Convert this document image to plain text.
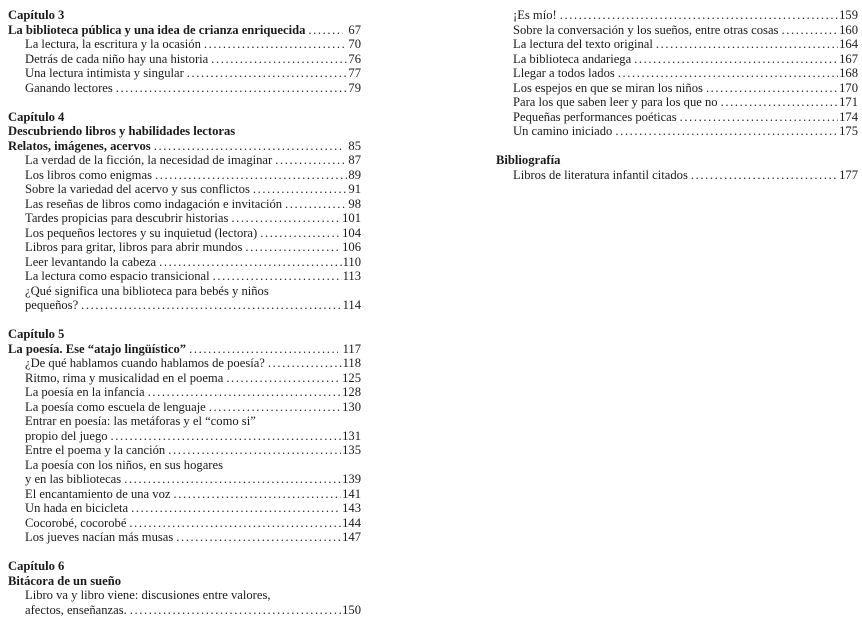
Capítulo 3
La biblioteca pública y una idea de crianza enriquecida .....	67
La lectura, la escritura y la ocasión .....	70
Detrás de cada niño hay una historia .....	76
Una lectura intimista y singular .....	77
Ganando lectores .....	79
Capítulo 4
Descubriendo libros y habilidades lectoras
Relatos, imágenes, acervos .....	85
La verdad de la ficción, la necesidad de imaginar .....	87
Los libros como enigmas .....	89
Sobre la variedad del acervo y sus conflictos .....	91
Las reseñas de libros como indagación e invitación .....	98
Tardes propicias para descubrir historias .....	101
Los pequeños lectores y su inquietud (lectora) .....	104
Libros para gritar, libros para abrir mundos .....	106
Leer levantando la cabeza .....	110
La lectura como espacio transicional .....	113
¿Qué significa una biblioteca para bebés y niños
pequeños? .....	114
Capítulo 5
La poesía. Ese “atajo lingüístico” .....	117
¿De qué hablamos cuando hablamos de poesía? .....	118
Ritmo, rima y musicalidad en el poema .....	125
La poesía en la infancia .....	128
La poesía como escuela de lenguaje .....	130
Entrar en poesía: las metáforas y el “como si”
propio del juego .....	131
Entre el poema y la canción .....	135
La poesía con los niños, en sus hogares
y en las bibliotecas .....	139
El encantamiento de una voz .....	141
Un hada en bicicleta .....	143
Cocorobé, cocorobé .....	144
Los jueves nacían más musas .....	147
Capítulo 6
Bitácora de un sueño
Libro va y libro viene: discusiones entre valores,
afectos, enseñanzas. .....	150
¡Es mío! .....	159
Sobre la conversación y los sueños, entre otras cosas .....	160
La lectura del texto original .....	164
La biblioteca andariega .....	167
Llegar a todos lados .....	168
Los espejos en que se miran los niños .....	170
Para los que saben leer y para los que no .....	171
Pequeñas performances poéticas .....	174
Un camino iniciado .....	175
Bibliografía
Libros de literatura infantil citados .....	177
